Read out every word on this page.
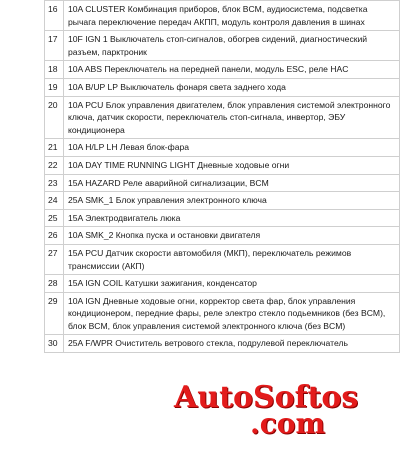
16	10A CLUSTER Комбинация приборов, блок BCM, аудиосистема, подсветка рычага переключение передач АКПП, модуль контроля давления в шинах
17	10F IGN 1 Выключатель стоп-сигналов, обогрев сидений, диагностический разъем, парктроник
18	10A ABS Переключатель на передней панели, модуль ESC, реле HAC
19	10A B/UP LP Выключатель фонаря света заднего хода
20	10A PCU Блок управления двигателем, блок управления системой электронного ключа, датчик скорости, переключатель стоп-сигнала, инвертор, ЭБУ кондиционера
21	10A H/LP LH Левая блок-фара
22	10A DAY TIME RUNNING LIGHT Дневные ходовые огни
23	15A HAZARD Реле аварийной сигнализации, BCM
24	25A SMK_1 Блок управления электронного ключа
25	15A Электродвигатель люка
26	10A SMK_2 Кнопка пуска и остановки двигателя
27	15A PCU Датчик скорости автомобиля (МКП), переключатель режимов трансмиссии (АКП)
28	15A IGN COIL Катушки зажигания, конденсатор
29	10A IGN Дневные ходовые огни, корректор света фар, блок управления кондиционером, передние фары, реле электро стекло подьемников (без BCM), блок BCM, блок управления системой электронного ключа (без BCM)
30	25A F/WPR Очиститель ветрового стекла, подрулевой переключатель
AutoSoftos
.com
